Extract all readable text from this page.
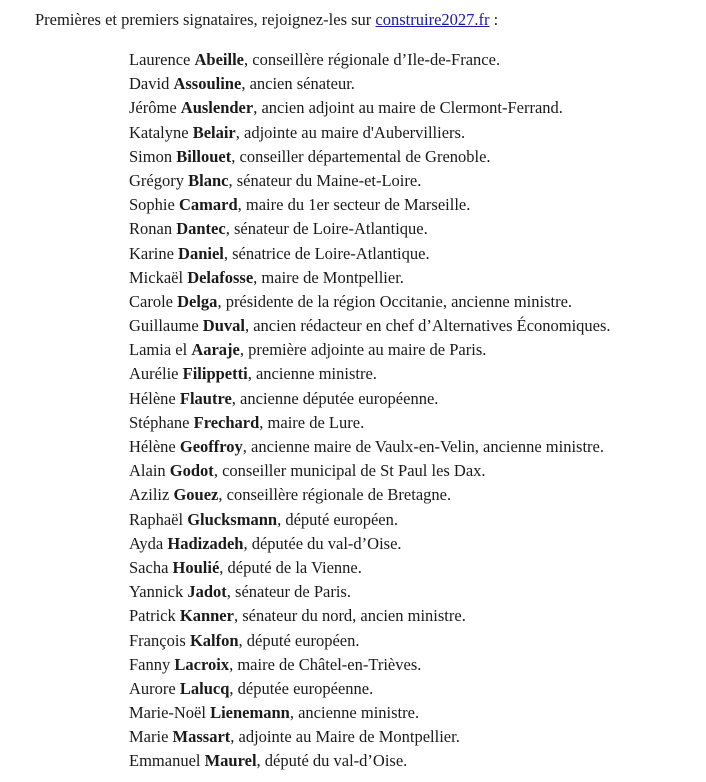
Premières et premiers signataires, rejoignez-les sur construire2027.fr :

Laurence Abeille, conseillère régionale d’Ile-de-France.
David Assouline, ancien sénateur.
Jérôme Auslender, ancien adjoint au maire de Clermont-Ferrand.
Katalyne Belair, adjointe au maire d'Aubervilliers.
Simon Billouet, conseiller départemental de Grenoble.
Grégory Blanc, sénateur du Maine-et-Loire.
Sophie Camard, maire du 1er secteur de Marseille.
Ronan Dantec, sénateur de Loire-Atlantique.
Karine Daniel, sénatrice de Loire-Atlantique.
Mickaël Delafosse, maire de Montpellier.
Carole Delga, présidente de la région Occitanie, ancienne ministre.
Guillaume Duval, ancien rédacteur en chef d’Alternatives Économiques.
Lamia el Aaraje, première adjointe au maire de Paris.
Aurélie Filippetti, ancienne ministre.
Hélène Flautre, ancienne députée européenne.
Stéphane Frechard, maire de Lure.
Hélène Geoffroy, ancienne maire de Vaulx-en-Velin, ancienne ministre.
Alain Godot, conseiller municipal de St Paul les Dax.
Aziliz Gouez, conseillère régionale de Bretagne.
Raphaël Glucksmann, député européen.
Ayda Hadizadeh, députée du val-d’Oise.
Sacha Houlié, député de la Vienne.
Yannick Jadot, sénateur de Paris.
Patrick Kanner, sénateur du nord, ancien ministre.
François Kalfon, député européen.
Fanny Lacroix, maire de Châtel-en-Trièves.
Aurore Lalucq, députée européenne.
Marie-Noël Lienemann, ancienne ministre.
Marie Massart, adjointe au Maire de Montpellier.
Emmanuel Maurel, député du val-d’Oise.
